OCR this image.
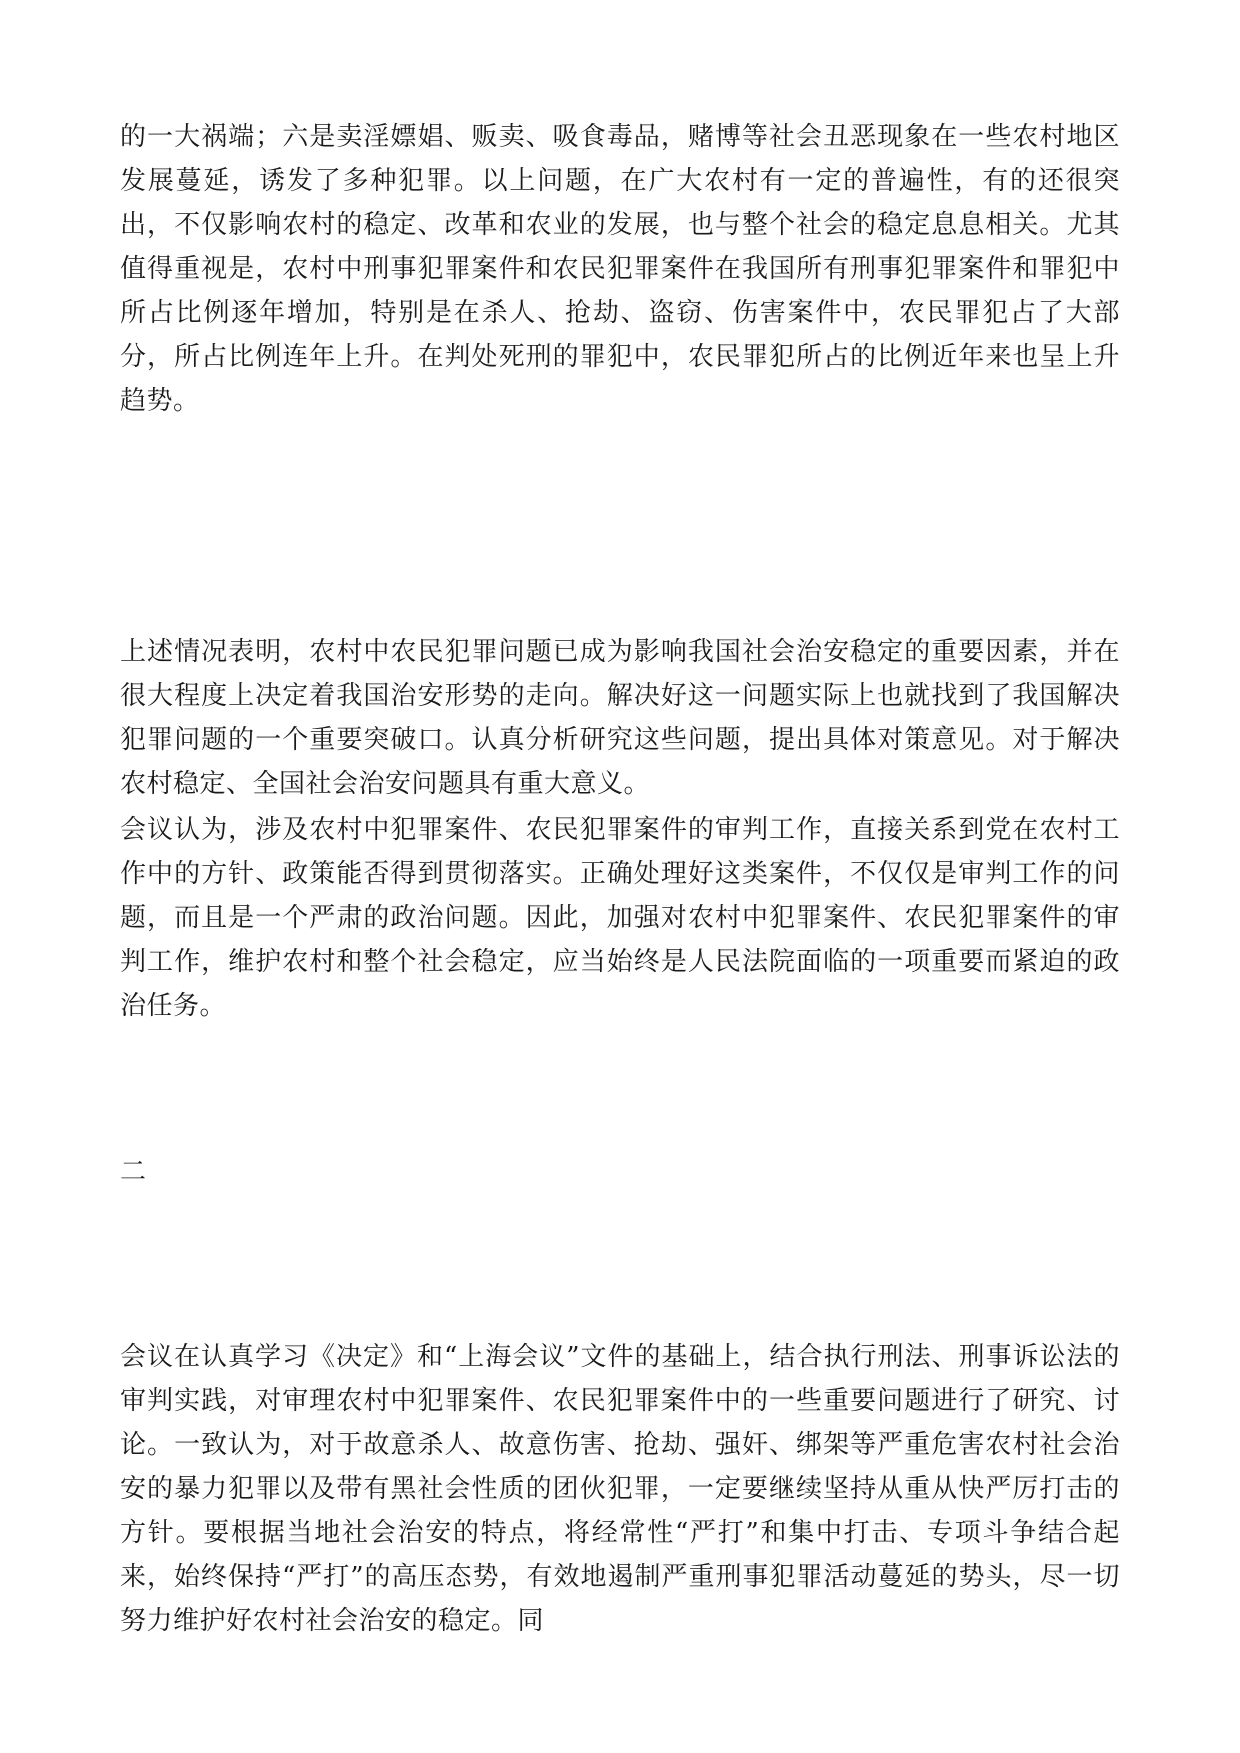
的一大祸端；六是卖淫嫖娼、贩卖、吸食毒品，赌博等社会丑恶现象在一些农村地区发展蔓延，诱发了多种犯罪。以上问题，在广大农村有一定的普遍性，有的还很突出，不仅影响农村的稳定、改革和农业的发展，也与整个社会的稳定息息相关。尤其值得重视是，农村中刑事犯罪案件和农民犯罪案件在我国所有刑事犯罪案件和罪犯中所占比例逐年增加，特别是在杀人、抢劫、盗窃、伤害案件中，农民罪犯占了大部分，所占比例连年上升。在判处死刑的罪犯中，农民罪犯所占的比例近年来也呈上升趋势。

上述情况表明，农村中农民犯罪问题已成为影响我国社会治安稳定的重要因素，并在很大程度上决定着我国治安形势的走向。解决好这一问题实际上也就找到了我国解决犯罪问题的一个重要突破口。认真分析研究这些问题，提出具体对策意见。对于解决农村稳定、全国社会治安问题具有重大意义。

会议认为，涉及农村中犯罪案件、农民犯罪案件的审判工作，直接关系到党在农村工作中的方针、政策能否得到贯彻落实。正确处理好这类案件，不仅仅是审判工作的问题，而且是一个严肃的政治问题。因此，加强对农村中犯罪案件、农民犯罪案件的审判工作，维护农村和整个社会稳定，应当始终是人民法院面临的一项重要而紧迫的政治任务。

二

会议在认真学习《决定》和“上海会议”文件的基础上，结合执行刑法、刑事诉讼法的审判实践，对审理农村中犯罪案件、农民犯罪案件中的一些重要问题进行了研究、讨论。一致认为，对于故意杀人、故意伤害、抢劫、强奸、绑架等严重危害农村社会治安的暴力犯罪以及带有黑社会性质的团伙犯罪，一定要继续坚持从重从快严厉打击的方针。要根据当地社会治安的特点，将经常性“严打”和集中打击、专项斗争结合起来，始终保持“严打”的高压态势，有效地遏制严重刑事犯罪活动蔓延的势头，尽一切努力维护好农村社会治安的稳定。同
